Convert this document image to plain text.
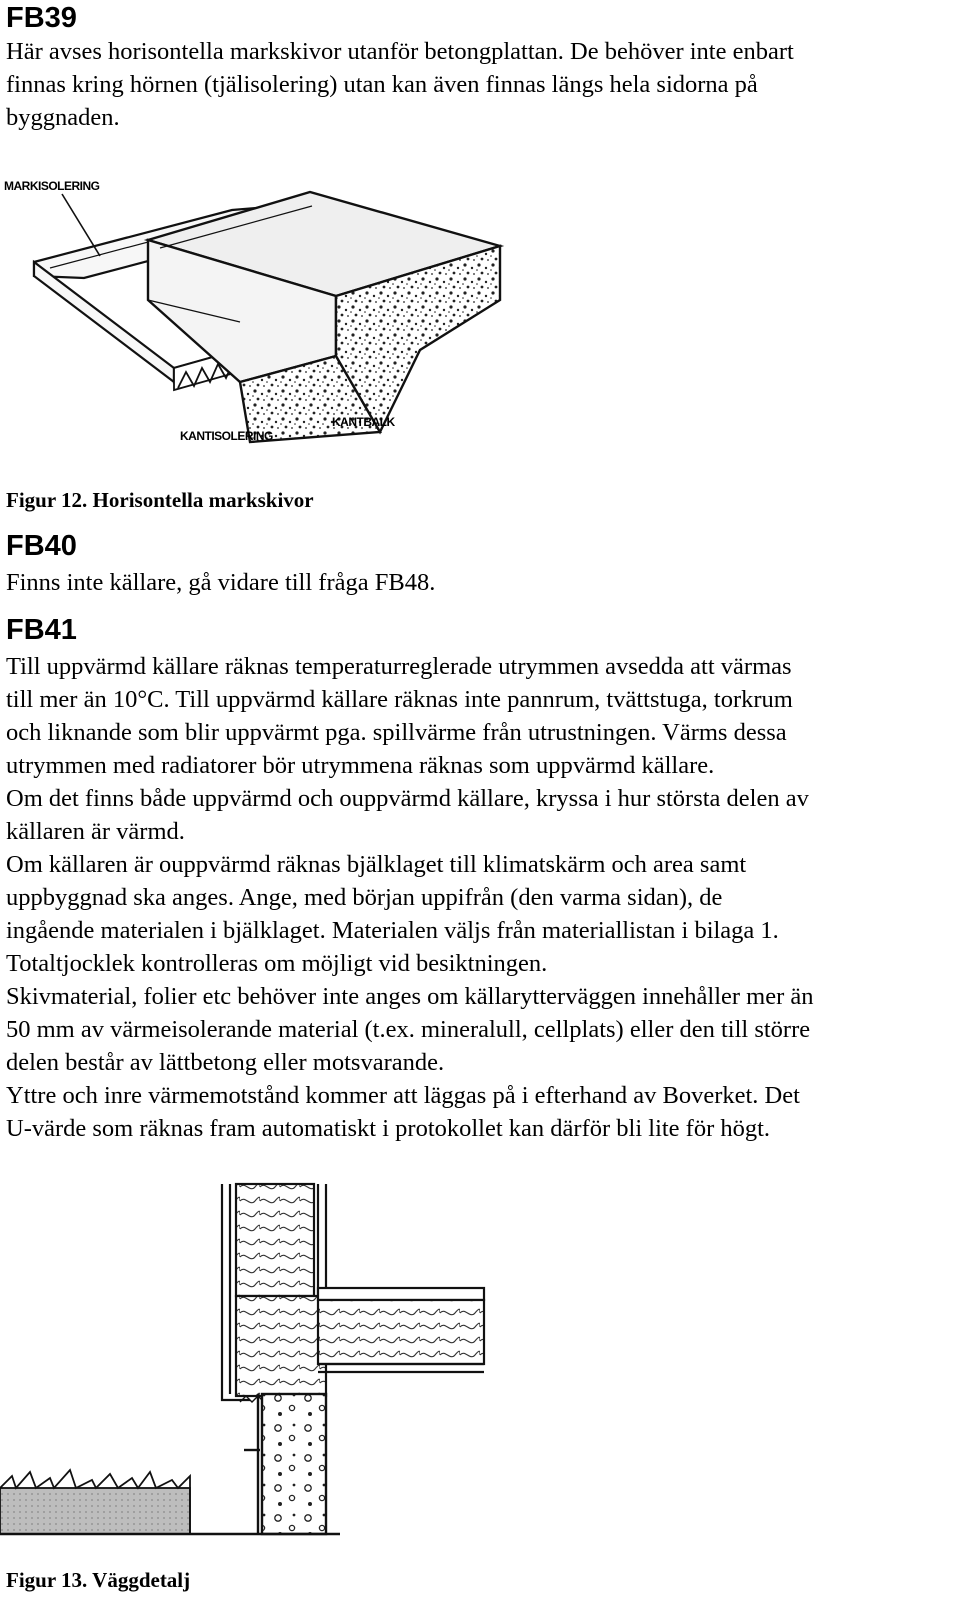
FB39
Här avses horisontella markskivor utanför betongplattan. De behöver inte enbart
finnas kring hörnen (tjälisolering) utan kan även finnas längs hela sidorna på
byggnaden.
MARKISOLERING
KANTISOLERING
KANTBALK

Figur 12. Horisontella markskivor

FB40
Finns inte källare, gå vidare till fråga FB48.
FB41
Till uppvärmd källare räknas temperaturreglerade utrymmen avsedda att värmas
till mer än 10°C. Till uppvärmd källare räknas inte pannrum, tvättstuga, torkrum
och liknande som blir uppvärmt pga. spillvärme från utrustningen. Värms dessa
utrymmen med radiatorer bör utrymmena räknas som uppvärmd källare.
Om det finns både uppvärmd och ouppvärmd källare, kryssa i hur största delen av
källaren är värmd.
Om källaren är ouppvärmd räknas bjälklaget till klimatskärm och area samt
uppbyggnad ska anges. Ange, med början uppifrån (den varma sidan), de
ingående materialen i bjälklaget. Materialen väljs från materiallistan i bilaga 1.
Totaltjocklek kontrolleras om möjligt vid besiktningen.
Skivmaterial, folier etc behöver inte anges om källarytterväggen innehåller mer än
50 mm av värmeisolerande material (t.ex. mineralull, cellplats) eller den till större
delen består av lättbetong eller motsvarande.
Yttre och inre värmemotstånd kommer att läggas på i efterhand av Boverket. Det
U-värde som räknas fram automatiskt i protokollet kan därför bli lite för högt.

Figur 13. Väggdetalj
